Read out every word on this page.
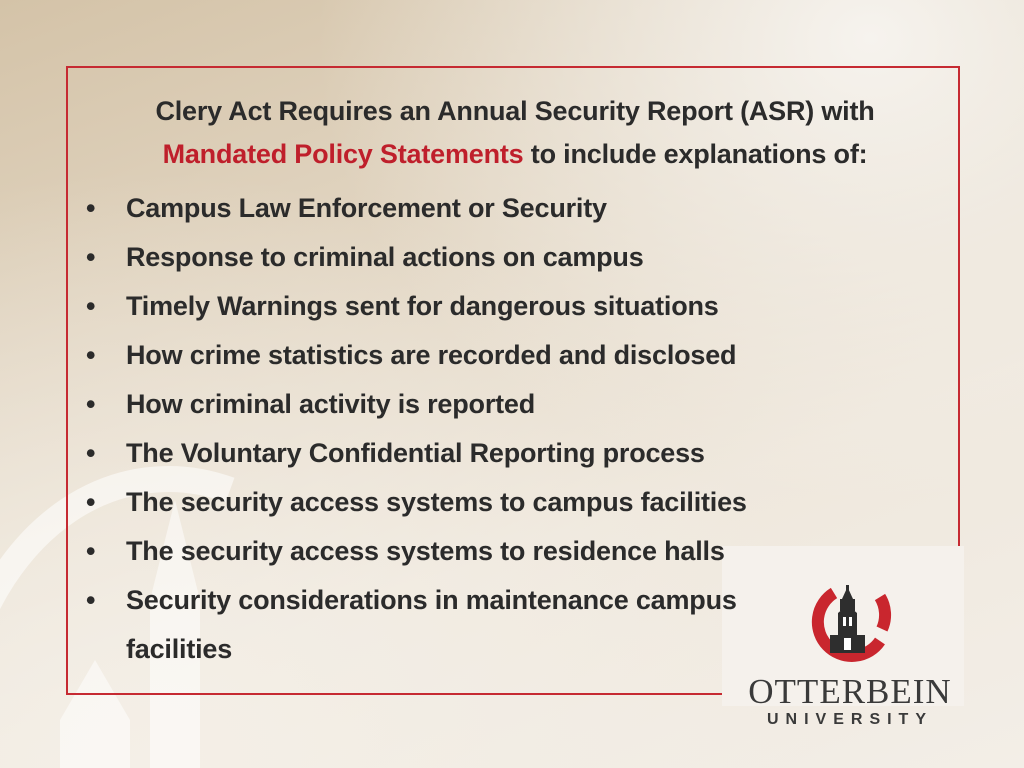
Clery Act Requires an Annual Security Report (ASR) with
Mandated Policy Statements to include explanations of:
•	Campus Law Enforcement or Security
•	Response to criminal actions on campus
•	Timely Warnings sent for dangerous situations
•	How crime statistics are recorded and disclosed
•	How criminal activity is reported
•	The Voluntary Confidential Reporting process
•	The security access systems to campus facilities
•	The security access systems to residence halls
•	Security considerations in maintenance campus facilities
OTTERBEIN
UNIVERSITY
